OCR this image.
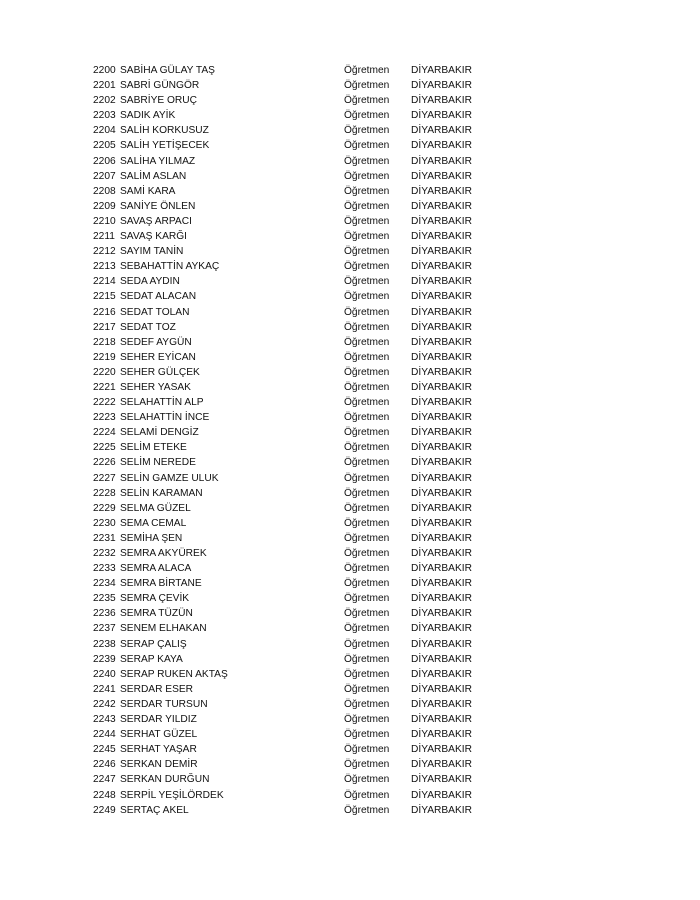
2200 SABİHA GÜLAY TAŞ	Öğretmen	DİYARBAKIR
2201 SABRİ GÜNGÖR	Öğretmen	DİYARBAKIR
2202 SABRİYE ORUÇ	Öğretmen	DİYARBAKIR
2203 SADIK AYİK	Öğretmen	DİYARBAKIR
2204 SALİH KORKUSUZ	Öğretmen	DİYARBAKIR
2205 SALİH YETİŞECEK	Öğretmen	DİYARBAKIR
2206 SALİHA YILMAZ	Öğretmen	DİYARBAKIR
2207 SALİM ASLAN	Öğretmen	DİYARBAKIR
2208 SAMİ KARA	Öğretmen	DİYARBAKIR
2209 SANİYE ÖNLEN	Öğretmen	DİYARBAKIR
2210 SAVAŞ ARPACI	Öğretmen	DİYARBAKIR
2211 SAVAŞ KARĞI	Öğretmen	DİYARBAKIR
2212 SAYIM TANİN	Öğretmen	DİYARBAKIR
2213 SEBAHATTİN AYKAÇ	Öğretmen	DİYARBAKIR
2214 SEDA AYDIN	Öğretmen	DİYARBAKIR
2215 SEDAT ALACAN	Öğretmen	DİYARBAKIR
2216 SEDAT TOLAN	Öğretmen	DİYARBAKIR
2217 SEDAT TOZ	Öğretmen	DİYARBAKIR
2218 SEDEF AYGÜN	Öğretmen	DİYARBAKIR
2219 SEHER EYİCAN	Öğretmen	DİYARBAKIR
2220 SEHER GÜLÇEK	Öğretmen	DİYARBAKIR
2221 SEHER YASAK	Öğretmen	DİYARBAKIR
2222 SELAHATTİN ALP	Öğretmen	DİYARBAKIR
2223 SELAHATTİN İNCE	Öğretmen	DİYARBAKIR
2224 SELAMİ DENGİZ	Öğretmen	DİYARBAKIR
2225 SELİM ETEKE	Öğretmen	DİYARBAKIR
2226 SELİM NEREDE	Öğretmen	DİYARBAKIR
2227 SELİN GAMZE ULUK	Öğretmen	DİYARBAKIR
2228 SELİN KARAMAN	Öğretmen	DİYARBAKIR
2229 SELMA GÜZEL	Öğretmen	DİYARBAKIR
2230 SEMA CEMAL	Öğretmen	DİYARBAKIR
2231 SEMİHA ŞEN	Öğretmen	DİYARBAKIR
2232 SEMRA AKYÜREK	Öğretmen	DİYARBAKIR
2233 SEMRA ALACA	Öğretmen	DİYARBAKIR
2234 SEMRA BİRTANE	Öğretmen	DİYARBAKIR
2235 SEMRA ÇEVİK	Öğretmen	DİYARBAKIR
2236 SEMRA TÜZÜN	Öğretmen	DİYARBAKIR
2237 SENEM ELHAKAN	Öğretmen	DİYARBAKIR
2238 SERAP ÇALIŞ	Öğretmen	DİYARBAKIR
2239 SERAP KAYA	Öğretmen	DİYARBAKIR
2240 SERAP RUKEN AKTAŞ	Öğretmen	DİYARBAKIR
2241 SERDAR ESER	Öğretmen	DİYARBAKIR
2242 SERDAR TURSUN	Öğretmen	DİYARBAKIR
2243 SERDAR YILDIZ	Öğretmen	DİYARBAKIR
2244 SERHAT GÜZEL	Öğretmen	DİYARBAKIR
2245 SERHAT YAŞAR	Öğretmen	DİYARBAKIR
2246 SERKAN DEMİR	Öğretmen	DİYARBAKIR
2247 SERKAN DURĞUN	Öğretmen	DİYARBAKIR
2248 SERPİL YEŞİLÖRDEK	Öğretmen	DİYARBAKIR
2249 SERTAÇ AKEL	Öğretmen	DİYARBAKIR
